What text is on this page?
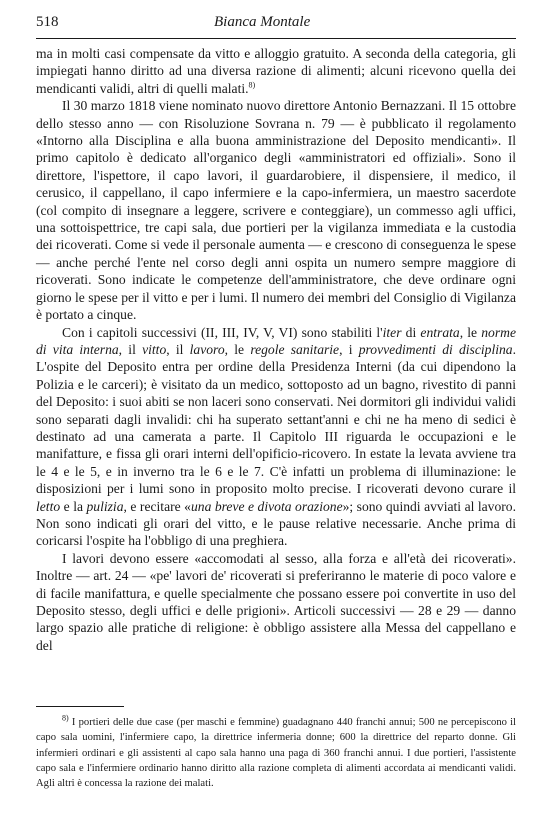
518	Bianca Montale

ma in molti casi compensate da vitto e alloggio gratuito. A seconda della categoria, gli impiegati hanno diritto ad una diversa razione di alimenti; alcuni ricevono quella dei mendicanti validi, altri di quelli malati.$^{8)}$

Il 30 marzo 1818 viene nominato nuovo direttore Antonio Bernazzani. Il 15 ottobre dello stesso anno — con Risoluzione Sovrana n. 79 — è pubblicato il regolamento «Intorno alla Disciplina e alla buona amministrazione del Deposito mendicanti». Il primo capitolo è dedicato all'organico degli «amministratori ed offiziali». Sono il direttore, l'ispettore, il capo lavori, il guardarobiere, il dispensiere, il medico, il cerusico, il cappellano, il capo infermiere e la capo-infermiera, un maestro sacerdote (col compito di insegnare a leggere, scrivere e conteggiare), un commesso agli uffici, una sottoispettrice, tre capi sala, due portieri per la vigilanza immediata e la custodia dei ricoverati. Come si vede il personale aumenta — e crescono di conseguenza le spese — anche perché l'ente nel corso degli anni ospita un numero sempre maggiore di ricoverati. Sono indicate le competenze dell'amministratore, che deve ordinare ogni giorno le spese per il vitto e per i lumi. Il numero dei membri del Consiglio di Vigilanza è portato a cinque.

Con i capitoli successivi (II, III, IV, V, VI) sono stabiliti l'iter di entrata, le norme di vita interna, il vitto, il lavoro, le regole sanitarie, i provvedimenti di disciplina. L'ospite del Deposito entra per ordine della Presidenza Interni (da cui dipendono la Polizia e le carceri); è visitato da un medico, sottoposto ad un bagno, rivestito di panni del Deposito: i suoi abiti se non laceri sono conservati. Nei dormitori gli individui validi sono separati dagli invalidi: chi ha superato settant'anni e chi ne ha meno di sedici è destinato ad una camerata a parte. Il Capitolo III riguarda le occupazioni e le manifatture, e fissa gli orari interni dell'opificio-ricovero. In estate la levata avviene tra le 4 e le 5, e in inverno tra le 6 e le 7. C'è infatti un problema di illuminazione: le disposizioni per i lumi sono in proposito molto precise. I ricoverati devono curare il letto e la pulizia, e recitare «una breve e divota orazione»; sono quindi avviati al lavoro. Non sono indicati gli orari del vitto, e le pause relative necessarie. Anche prima di coricarsi l'ospite ha l'obbligo di una preghiera.

I lavori devono essere «accomodati al sesso, alla forza e all'età dei ricoverati». Inoltre — art. 24 — «pe' lavori de' ricoverati si preferiranno le materie di poco valore e di facile manifattura, e quelle specialmente che possano essere poi convertite in uso del Deposito stesso, degli uffici e delle prigioni». Articoli successivi — 28 e 29 — danno largo spazio alle pratiche di religione: è obbligo assistere alla Messa del cappellano e del

$^{8)}$ I portieri delle due case (per maschi e femmine) guadagnano 440 franchi annui; 500 ne percepiscono il capo sala uomini, l'infermiere capo, la direttrice infermeria donne; 600 la direttrice del reparto donne. Gli infermieri ordinari e gli assistenti al capo sala hanno una paga di 360 franchi annui. I due portieri, l'assistente capo sala e l'infermiere ordinario hanno diritto alla razione completa di alimenti accordata ai mendicanti validi. Agli altri è concessa la razione dei malati.
